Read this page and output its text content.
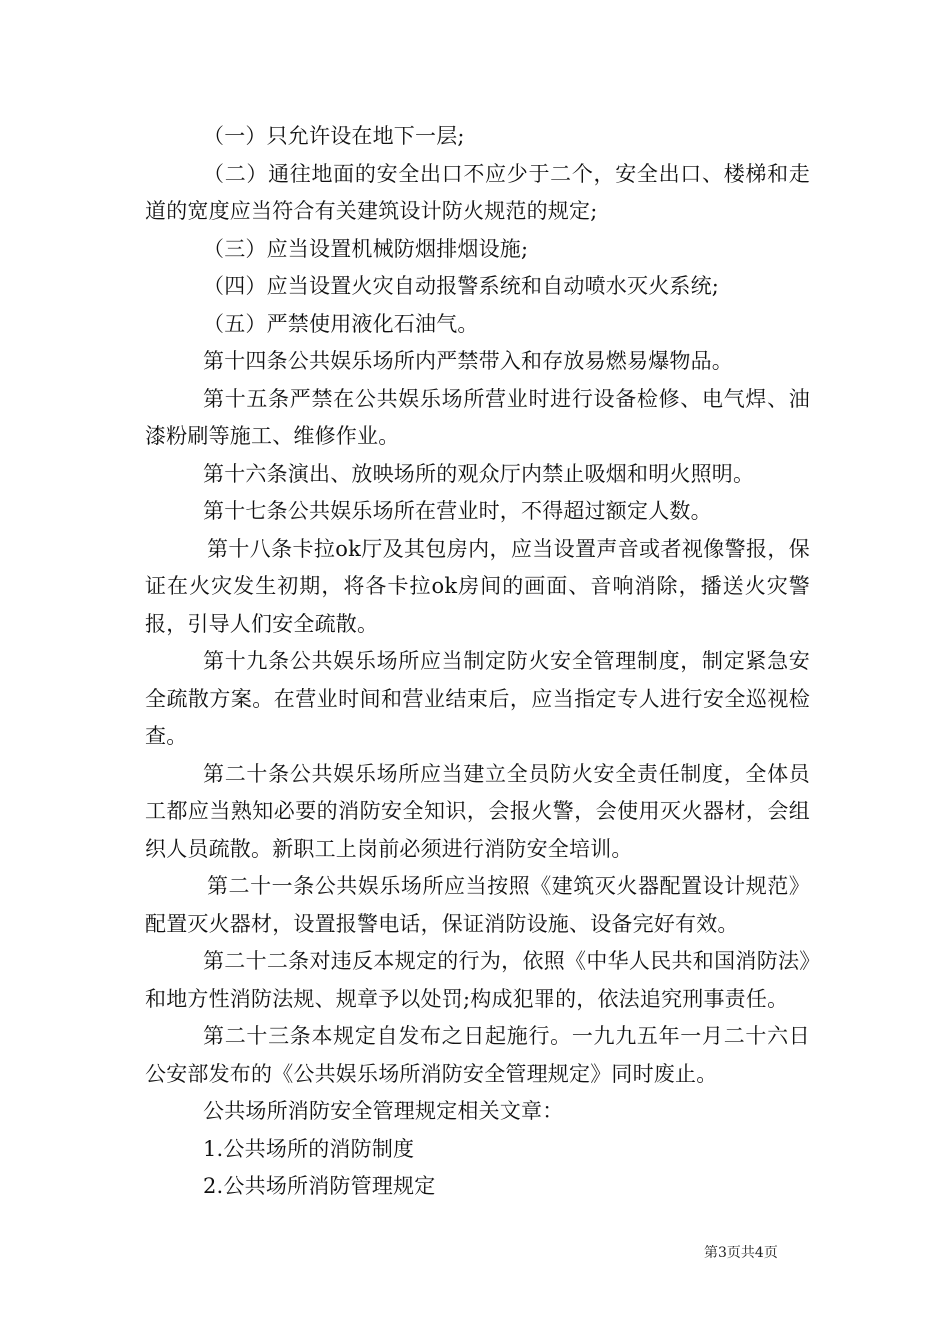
（一）只允许设在地下一层;

（二）通往地面的安全出口不应少于二个，安全出口、楼梯和走道的宽度应当符合有关建筑设计防火规范的规定;

（三）应当设置机械防烟排烟设施;

（四）应当设置火灾自动报警系统和自动喷水灭火系统;

（五）严禁使用液化石油气。

第十四条公共娱乐场所内严禁带入和存放易燃易爆物品。

第十五条严禁在公共娱乐场所营业时进行设备检修、电气焊、油漆粉刷等施工、维修作业。

第十六条演出、放映场所的观众厅内禁止吸烟和明火照明。

第十七条公共娱乐场所在营业时，不得超过额定人数。

第十八条卡拉ok厅及其包房内，应当设置声音或者视像警报，保证在火灾发生初期，将各卡拉ok房间的画面、音响消除，播送火灾警报，引导人们安全疏散。

第十九条公共娱乐场所应当制定防火安全管理制度，制定紧急安全疏散方案。在营业时间和营业结束后，应当指定专人进行安全巡视检查。

第二十条公共娱乐场所应当建立全员防火安全责任制度，全体员工都应当熟知必要的消防安全知识，会报火警，会使用灭火器材，会组织人员疏散。新职工上岗前必须进行消防安全培训。

第二十一条公共娱乐场所应当按照《建筑灭火器配置设计规范》配置灭火器材，设置报警电话，保证消防设施、设备完好有效。

第二十二条对违反本规定的行为，依照《中华人民共和国消防法》和地方性消防法规、规章予以处罚;构成犯罪的，依法追究刑事责任。

第二十三条本规定自发布之日起施行。一九九五年一月二十六日公安部发布的《公共娱乐场所消防安全管理规定》同时废止。

公共场所消防安全管理规定相关文章：

1.公共场所的消防制度

2.公共场所消防管理规定

第3页共4页
